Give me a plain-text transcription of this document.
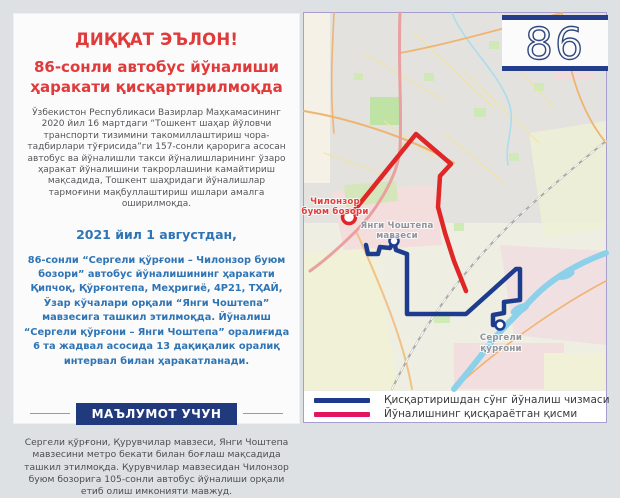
ДИҚҚАТ ЭЪЛОН!
86-сонли автобус йўналиши
ҳаракати қисқартирилмоқда

Ўзбекистон Республикаси Вазирлар Маҳкамасининг 2020 йил 16 мартдаги “Тошкент шаҳар йўловчи транспорти тизимини такомиллаштириш чора-тадбирлари тўғрисида”ги 157-сонли қарорига асосан автобус ва йўналишли такси йўналишларининг ўзаро ҳаракат йўналишини такрорлашини камайтириш мақсадида, Тошкент шаҳридаги йўналишлар тармоғини мақбуллаштириш ишлари амалга оширилмоқда.

2021 йил 1 августдан,

86-сонли “Сергели қўрғони – Чилонзор буюм бозори” автобус йўналишининг ҳаракати Қипчоқ, Қўрғонтепа, Меҳригиё, 4Р21, ТҲАЙ, Ўзар кўчалари орқали “Янги Чоштепа” мавзесига ташкил этилмоқда. Йўналиш “Сергели қўрғони – Янги Чоштепа” оралиғида 6 та жадвал асосида 13 дақиқалик оралиқ интервал билан ҳаракатланади.

МАЪЛУМОТ УЧУН

Сергели қўрғони, Қурувчилар мавзеси, Янги Чоштепа мавзесини метро бекати билан боғлаш мақсадида ташкил этилмоқда. Қурувчилар мавзесидан Чилонзор буюм бозорига 105-сонли автобус йўналиши орқали етиб олиш имконияти мавжуд.

Чилонзор
буюм бозори
Янги Чоштепа
мавзеси
Сергели
қўрғони
Қисқартиришдан сўнг йўналиш чизмаси
Йўналишнинг қисқараётган қисми
86
